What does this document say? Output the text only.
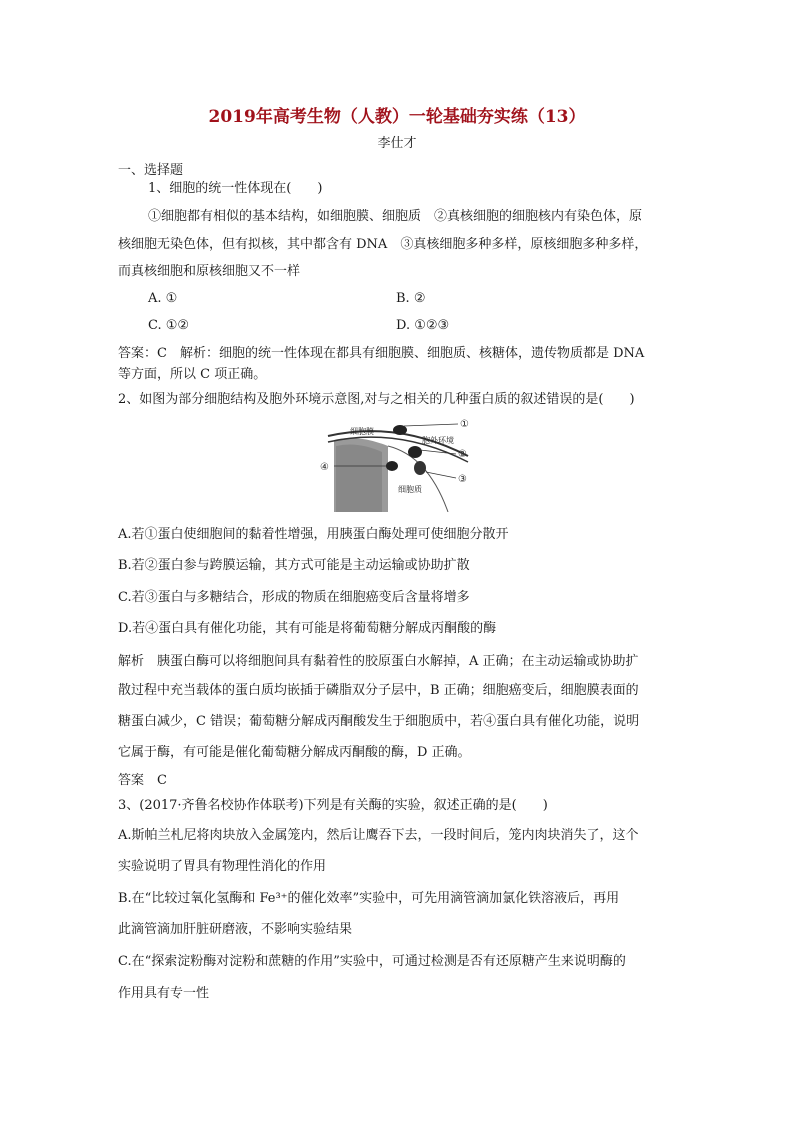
2019年高考生物（人教）一轮基础夯实练（13）
李仕才
一、选择题
1、细胞的统一性体现在(　　)
①细胞都有相似的基本结构，如细胞膜、细胞质　②真核细胞的细胞核内有染色体，原
核细胞无染色体，但有拟核，其中都含有 DNA　③真核细胞多种多样，原核细胞多种多样，
而真核细胞和原核细胞又不一样
A. ①	B. ②
C. ①②	D. ①②③
答案：C　解析：细胞的统一性体现在都具有细胞膜、细胞质、核糖体，遗传物质都是 DNA
等方面，所以 C 项正确。
2、如图为部分细胞结构及胞外环境示意图,对与之相关的几种蛋白质的叙述错误的是(　　)
细胞膜
胞外环境
细胞质
①
②
③
④
A.若①蛋白使细胞间的黏着性增强，用胰蛋白酶处理可使细胞分散开
B.若②蛋白参与跨膜运输，其方式可能是主动运输或协助扩散
C.若③蛋白与多糖结合，形成的物质在细胞癌变后含量将增多
D.若④蛋白具有催化功能，其有可能是将葡萄糖分解成丙酮酸的酶
解析　胰蛋白酶可以将细胞间具有黏着性的胶原蛋白水解掉，A 正确；在主动运输或协助扩
散过程中充当载体的蛋白质均嵌插于磷脂双分子层中，B 正确；细胞癌变后，细胞膜表面的
糖蛋白减少，C 错误；葡萄糖分解成丙酮酸发生于细胞质中，若④蛋白具有催化功能，说明
它属于酶，有可能是催化葡萄糖分解成丙酮酸的酶，D 正确。
答案　C
3、(2017·齐鲁名校协作体联考)下列是有关酶的实验，叙述正确的是(　　)
A.斯帕兰札尼将肉块放入金属笼内，然后让鹰吞下去，一段时间后，笼内肉块消失了，这个
实验说明了胃具有物理性消化的作用
B.在“比较过氧化氢酶和 Fe³⁺的催化效率”实验中，可先用滴管滴加氯化铁溶液后，再用
此滴管滴加肝脏研磨液，不影响实验结果
C.在“探索淀粉酶对淀粉和蔗糖的作用”实验中，可通过检测是否有还原糖产生来说明酶的
作用具有专一性
